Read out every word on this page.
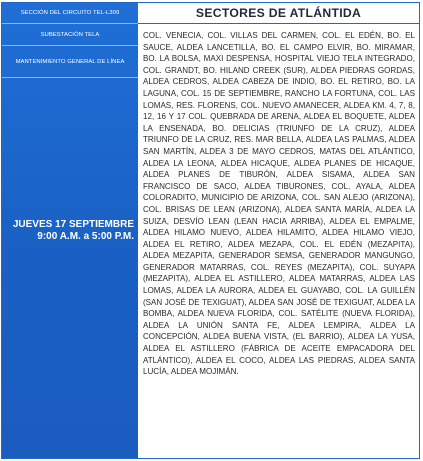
SECCIÓN DEL CIRCUITO TEL-L309
SUBESTACIÓN TELA
MANTENIMIENTO GENERAL DE LÍNEA
JUEVES 17 SEPTIEMBRE
9:00 A.M. a 5:00 P.M.
SECTORES DE ATLÁNTIDA
COL. VENECIA, COL. VILLAS DEL CARMEN, COL. EL EDÉN, BO. EL SAUCE, ALDEA LANCETILLA, BO. EL CAMPO ELVIR, BO. MIRAMAR, BO. LA BOLSA, MAXI DESPENSA, HOSPITAL VIEJO TELA INTEGRADO, COL. GRANDT, BO. HILAND CREEK (SUR), ALDEA PIEDRAS GORDAS, ALDEA CEDROS, ALDEA CABEZA DE INDIO, BO. EL RETIRO, BO. LA LAGUNA, COL. 15 DE SEPTIEMBRE, RANCHO LA FORTUNA, COL. LAS LOMAS, RES. FLORENS, COL. NUEVO AMANECER, ALDEA KM. 4, 7, 8, 12, 16 Y 17 COL. QUEBRADA DE ARENA, ALDEA EL BOQUETE, ALDEA LA ENSENADA, BO. DELICIAS (TRIUNFO DE LA CRUZ), ALDEA TRIUNFO DE LA CRUZ, RES. MAR BELLA, ALDEA LAS PALMAS, ALDEA SAN MARTÍN, ALDEA 3 DE MAYO CEDROS, MATAS DEL ATLÁNTICO, ALDEA LA LEONA, ALDEA HICAQUE, ALDEA PLANES DE HICAQUE, ALDEA PLANES DE TIBURÓN, ALDEA SISAMA, ALDEA SAN FRANCISCO DE SACO, ALDEA TIBURONES, COL. AYALA, ALDEA COLORADITO, MUNICIPIO DE ARIZONA, COL. SAN ALEJO (ARIZONA), COL. BRISAS DE LEAN (ARIZONA), ALDEA SANTA MARÍA, ALDEA LA SUIZA, DESVÍO LEAN (LEAN HACIA ARRIBA), ALDEA EL EMPALME, ALDEA HILAMO NUEVO, ALDEA HILAMITO, ALDEA HILAMO VIEJO, ALDEA EL RETIRO, ALDEA MEZAPA, COL. EL EDÉN (MEZAPITA), ALDEA MEZAPITA, GENERADOR SEMSA, GENERADOR MANGUNGO, GENERADOR MATARRAS, COL. REYES (MEZAPITA), COL. SUYAPA (MEZAPITA), ALDEA EL ASTILLERO, ALDEA MATARRAS, ALDEA LAS LOMAS, ALDEA LA AURORA, ALDEA EL GUAYABO, COL. LA GUILLÉN (SAN JOSÉ DE TEXIGUAT), ALDEA SAN JOSÉ DE TEXIGUAT, ALDEA LA BOMBA, ALDEA NUEVA FLORIDA, COL. SATÉLITE (NUEVA FLORIDA), ALDEA LA UNIÓN SANTA FE, ALDEA LEMPIRA, ALDEA LA CONCEPCIÓN, ALDEA BUENA VISTA, (EL BARRIO), ALDEA LA YUSA, ALDEA EL ASTILLERO (FÁBRICA DE ACEITE EMPACADORA DEL ATLÁNTICO), ALDEA EL COCO, ALDEA LAS PIEDRAS, ALDEA SANTA LUCÍA, ALDEA MOJIMÁN.
